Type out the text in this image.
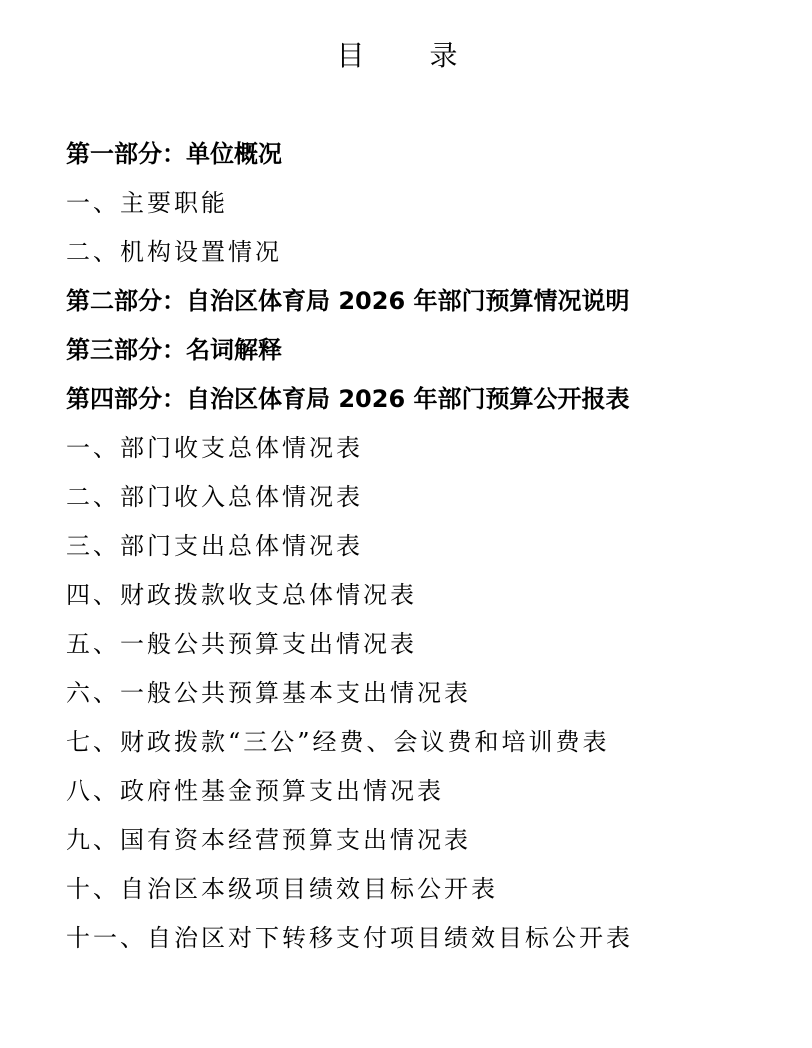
目 录
第一部分：单位概况
一、主要职能
二、机构设置情况
第二部分：自治区体育局 2026 年部门预算情况说明
第三部分：名词解释
第四部分：自治区体育局 2026 年部门预算公开报表
一、部门收支总体情况表
二、部门收入总体情况表
三、部门支出总体情况表
四、财政拨款收支总体情况表
五、一般公共预算支出情况表
六、一般公共预算基本支出情况表
七、财政拨款“三公”经费、会议费和培训费表
八、政府性基金预算支出情况表
九、国有资本经营预算支出情况表
十、自治区本级项目绩效目标公开表
十一、自治区对下转移支付项目绩效目标公开表
